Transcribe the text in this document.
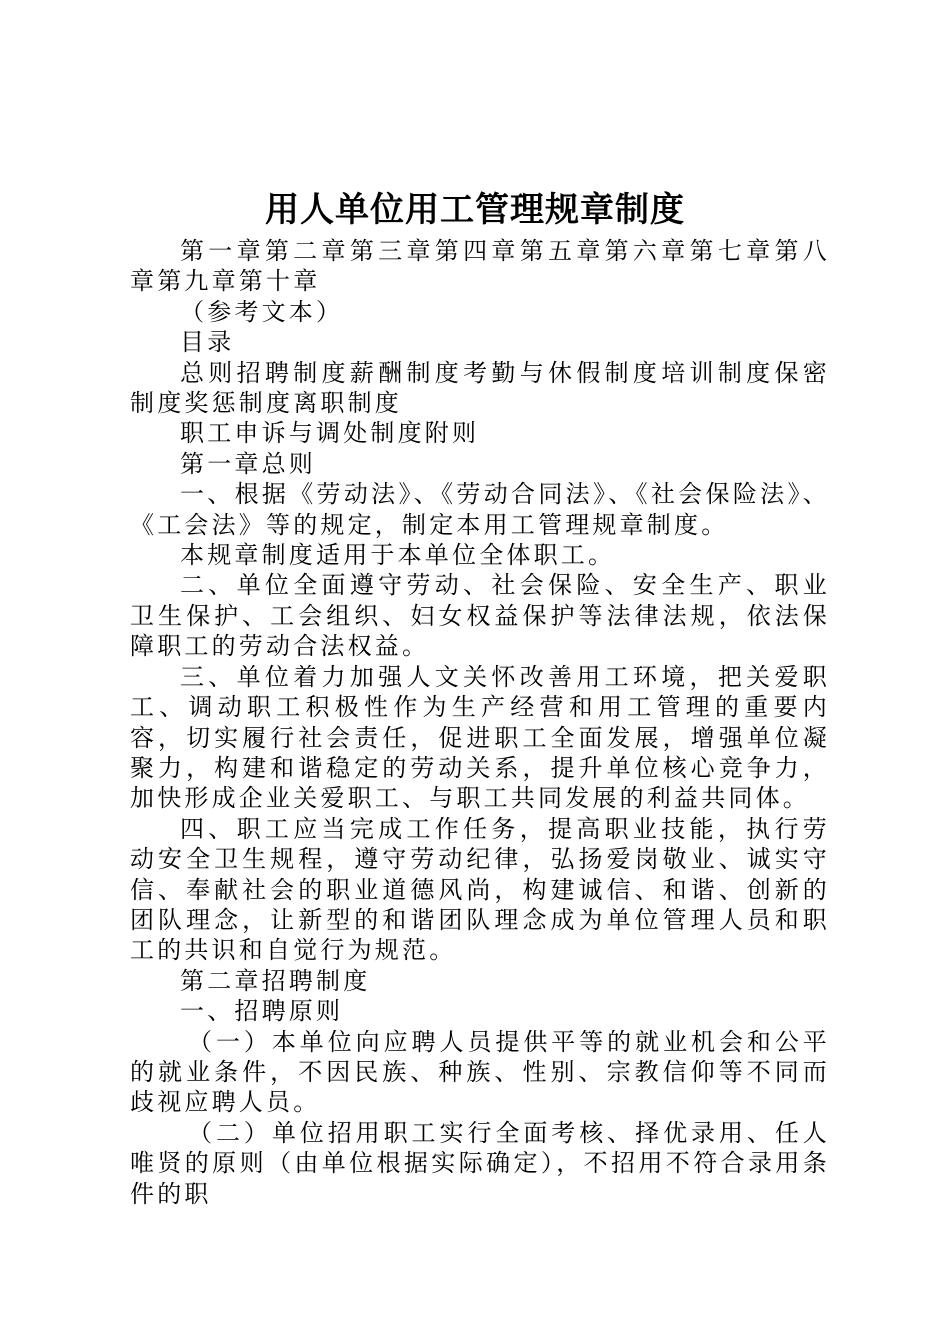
用人单位用工管理规章制度

第一章第二章第三章第四章第五章第六章第七章第八章第九章第十章

（参考文本）

目录

总则招聘制度薪酬制度考勤与休假制度培训制度保密制度奖惩制度离职制度

职工申诉与调处制度附则

第一章总则

一、根据《劳动法》、《劳动合同法》、《社会保险法》、《工会法》等的规定，制定本用工管理规章制度。

本规章制度适用于本单位全体职工。

二、单位全面遵守劳动、社会保险、安全生产、职业卫生保护、工会组织、妇女权益保护等法律法规，依法保障职工的劳动合法权益。

三、单位着力加强人文关怀改善用工环境，把关爱职工、调动职工积极性作为生产经营和用工管理的重要内容，切实履行社会责任，促进职工全面发展，增强单位凝聚力，构建和谐稳定的劳动关系，提升单位核心竞争力，加快形成企业关爱职工、与职工共同发展的利益共同体。

四、职工应当完成工作任务，提高职业技能，执行劳动安全卫生规程，遵守劳动纪律，弘扬爱岗敬业、诚实守信、奉献社会的职业道德风尚，构建诚信、和谐、创新的团队理念，让新型的和谐团队理念成为单位管理人员和职工的共识和自觉行为规范。

第二章招聘制度

一、招聘原则

（一）本单位向应聘人员提供平等的就业机会和公平的就业条件，不因民族、种族、性别、宗教信仰等不同而歧视应聘人员。

（二）单位招用职工实行全面考核、择优录用、任人唯贤的原则（由单位根据实际确定），不招用不符合录用条件的职
